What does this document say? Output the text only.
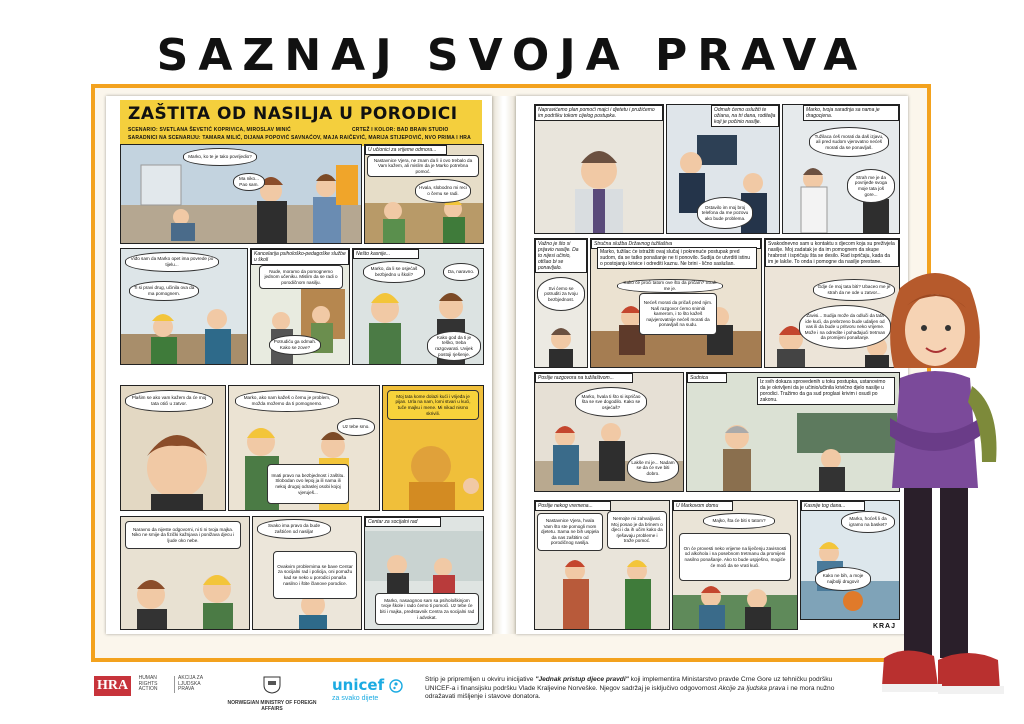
SAZNAJ SVOJA PRAVA
ZAŠTITA OD NASILJA U PORODICI
SCENARIO: SVETLANA ŠEVETIĆ KOPRIVICA, MIROSLAV MINIĆ	CRTEŽ I KOLOR: BAD BRAIN STUDIO
SARADNICI NA SCENARIJU: TAMARA MILIĆ, DIJANA POPOVIĆ SAVNAĆOV, MAJA RAIČEVIĆ, MARIJA STIJEPOVIĆ, NVO PRIMA I HRA
Marko, ko te je tako povrijedio?
Ma niko... Pao sam.
U učionici za vrijeme odmora...
Nastavnice Vjera, ne znam da li ii ovo trebalo da Vam kažem, ali mislim da je Marko potrebna pomoć.
Hvala, slobodno mi reci o čemu se radi.
Viđo sam da Marko opet ima povrede po tijelu...
Ti si pravi drug, učinila ova da ma pomognem.
Kancelarija psihološko-pedagoške službe u školi
Nude, moramo da pomognemo jednom učeniku. Mislim da se radi o porodičnom nasilju.
Potrudiću ga odmah. Kako se zove?
Nešto kasnije...
Marko, da li se osjećaš bezbjedno u školi?
Da, naravno.
Kako god da ti je teško, treba razgovarati. Uvijek postoji rješenje.
Plašim se ako vam kažem da će moj tata otići u zatvor.
Marko, ako nam kažeš o čemu je problem, možda možemo da ti pomognemo.
Uz tebe smo.
Imati pravo na bezbjednost i zaštitu. Slobodan ovo lepoj ja ili nama ili nekoj drugoj odraslej osobi kojoj vjeruješ...
Moj tata kome dolazi kući i vrijeđa je pijan. Urla na nam, lomi stvari u kući, tuče majku i mene. Mi nikad nismo skrivili.
Naravno da nijeste odgovorni, ni ti ni tvoja majka. Niko ne smije da fizički kažnjava i ponižava djecu i ljude oko nebe.
Svako ima pravo da bude zaštićen od nasilja!
Ovakvim problemima se bave Centar za socijalni rad i policija, oni pomažu kad se neko u porodici ponaša nasilno i štite članove porodice.
Centar za socijalni rad
Marko, nasaognoo sam sa psihološkinjom tvoje škole i rado ćemo ti pomoći. Uz tebe će biti i majka, predstavnik Centra za socijalni rad i advokat.
Napravićemo plan pomoći majci i djetetu i pružićemo im podršku tokom cijelog postupka.
Odmah ćemo uslužiti te ožiana, na tri dana, roditelja koji je počinio nasilje.
Ostavilo im moj broj telefona da me pozovu ako bude problema.
Marko, tvoja saradnja sa nama je dragocjena.
Tužilaca ćeš morati da daš izjavu, ali pred sudom vjerovatno nećeš morati da se ponavljaš.
Strah me je da povrijeđe svoga moje tata još gore...
Važno je što si prijavio nasilje. Da to nijesi učinio, otišao bi se ponavljalo.
Svi ćemo se potruditi za tvoju bezbjednost.
Stručna služba Državnog tužilaštva
Marko, tužilac će istražiti ovaj slučaj i pokrenuće postupak pred sudom, da se tatko ponašanje ne ti ponovilo. Sudija će utvrditi istinu o postojanju krivice i odrediti kaznu. Ne brini - lično saslušan.
Kako će proći tatom ove što da pričam? Strah me je.
Nećeš morati da pričaš pred njim. Naš razgovor ćemo snimiti kamerom, i to što kažeš najvjerovatnije nećeš morati da ponavljaš na sudu.
Svakodnevno sam u kontaktu s djecom koja su preživjela nasilje. Moj zadatak je da im pomognem da skupe hrabrost i ispričaju šta se desilo. Rad ispričaju, kada da im je lakše. To onda i pomogne da nasilje prestane.
Gdje će moj tata biti? Ubaceo me je strah da ne ode u zatvor...
Zavisi... Sudija može da odluči da tata ide kući, da prebrzeno bude udaljen od vas ili da bude u pritvoru neko vrijeme. Može i na odredite i pohađajući tretman da promijeni ponašanje.
Poslije razgovora na tužilaštvom...
Marko, hvala ti što si ispričao šta se sve dogodilo. Kako se osjećaš?
Lakše mi je... Nadam se da će sve biti dobro.
Sudnica
Iz svih dokaza sprovedenih u toku postupka, ustanovimo da je okrivljeni da je učinio/učinila krivično djelo nasilje u porodici. Tražimo da ga sud proglasi krivim i osudi po zakonu.
Poslije nekog vremena...
Nastavnice Vjera, hvala Vam što ste pomogli mom djetetu. Sama ne bih uspjela da nas zaštitim od porodičnog nasilja.
Nemojte mi zahvaljivati. Moj posao je da brinem o djeci i da ih učim kako da rješavaju probleme i traže pomoć.
U Markovom domu
Majko, šta će biti s tatom?
On će provesti neko vrijeme na liječenju zavisnosti od alkohola i na posebnom tretmanu da promijeni nasilno ponašanje. Ako to bude uspješno, mogiće će moći da se vrati kući.
Kasnije tog dana...
Marko, hoćeš li da igramo na basket?
Kako ne bih, a moje najbolji drugovi!
KRAJ
HRA HUMAN RIGHTS ACTION AKCIJA ZA LJUDSKA PRAVA
NORWEGIAN MINISTRY OF FOREIGN AFFAIRS
unicef
za svako dijete
Strip je pripremljen u okviru inicijative "Jednak pristup djece pravdi" koji implementira Ministarstvo pravde Crne Gore uz tehničku podršku UNICEF-a i finansijsku podršku Vlade Kraljevine Norveške. Njegov sadržaj je isključivo odgovornost Akcije za ljudska prava i ne mora nužno odražavati mišljenje i stavove donatora.
